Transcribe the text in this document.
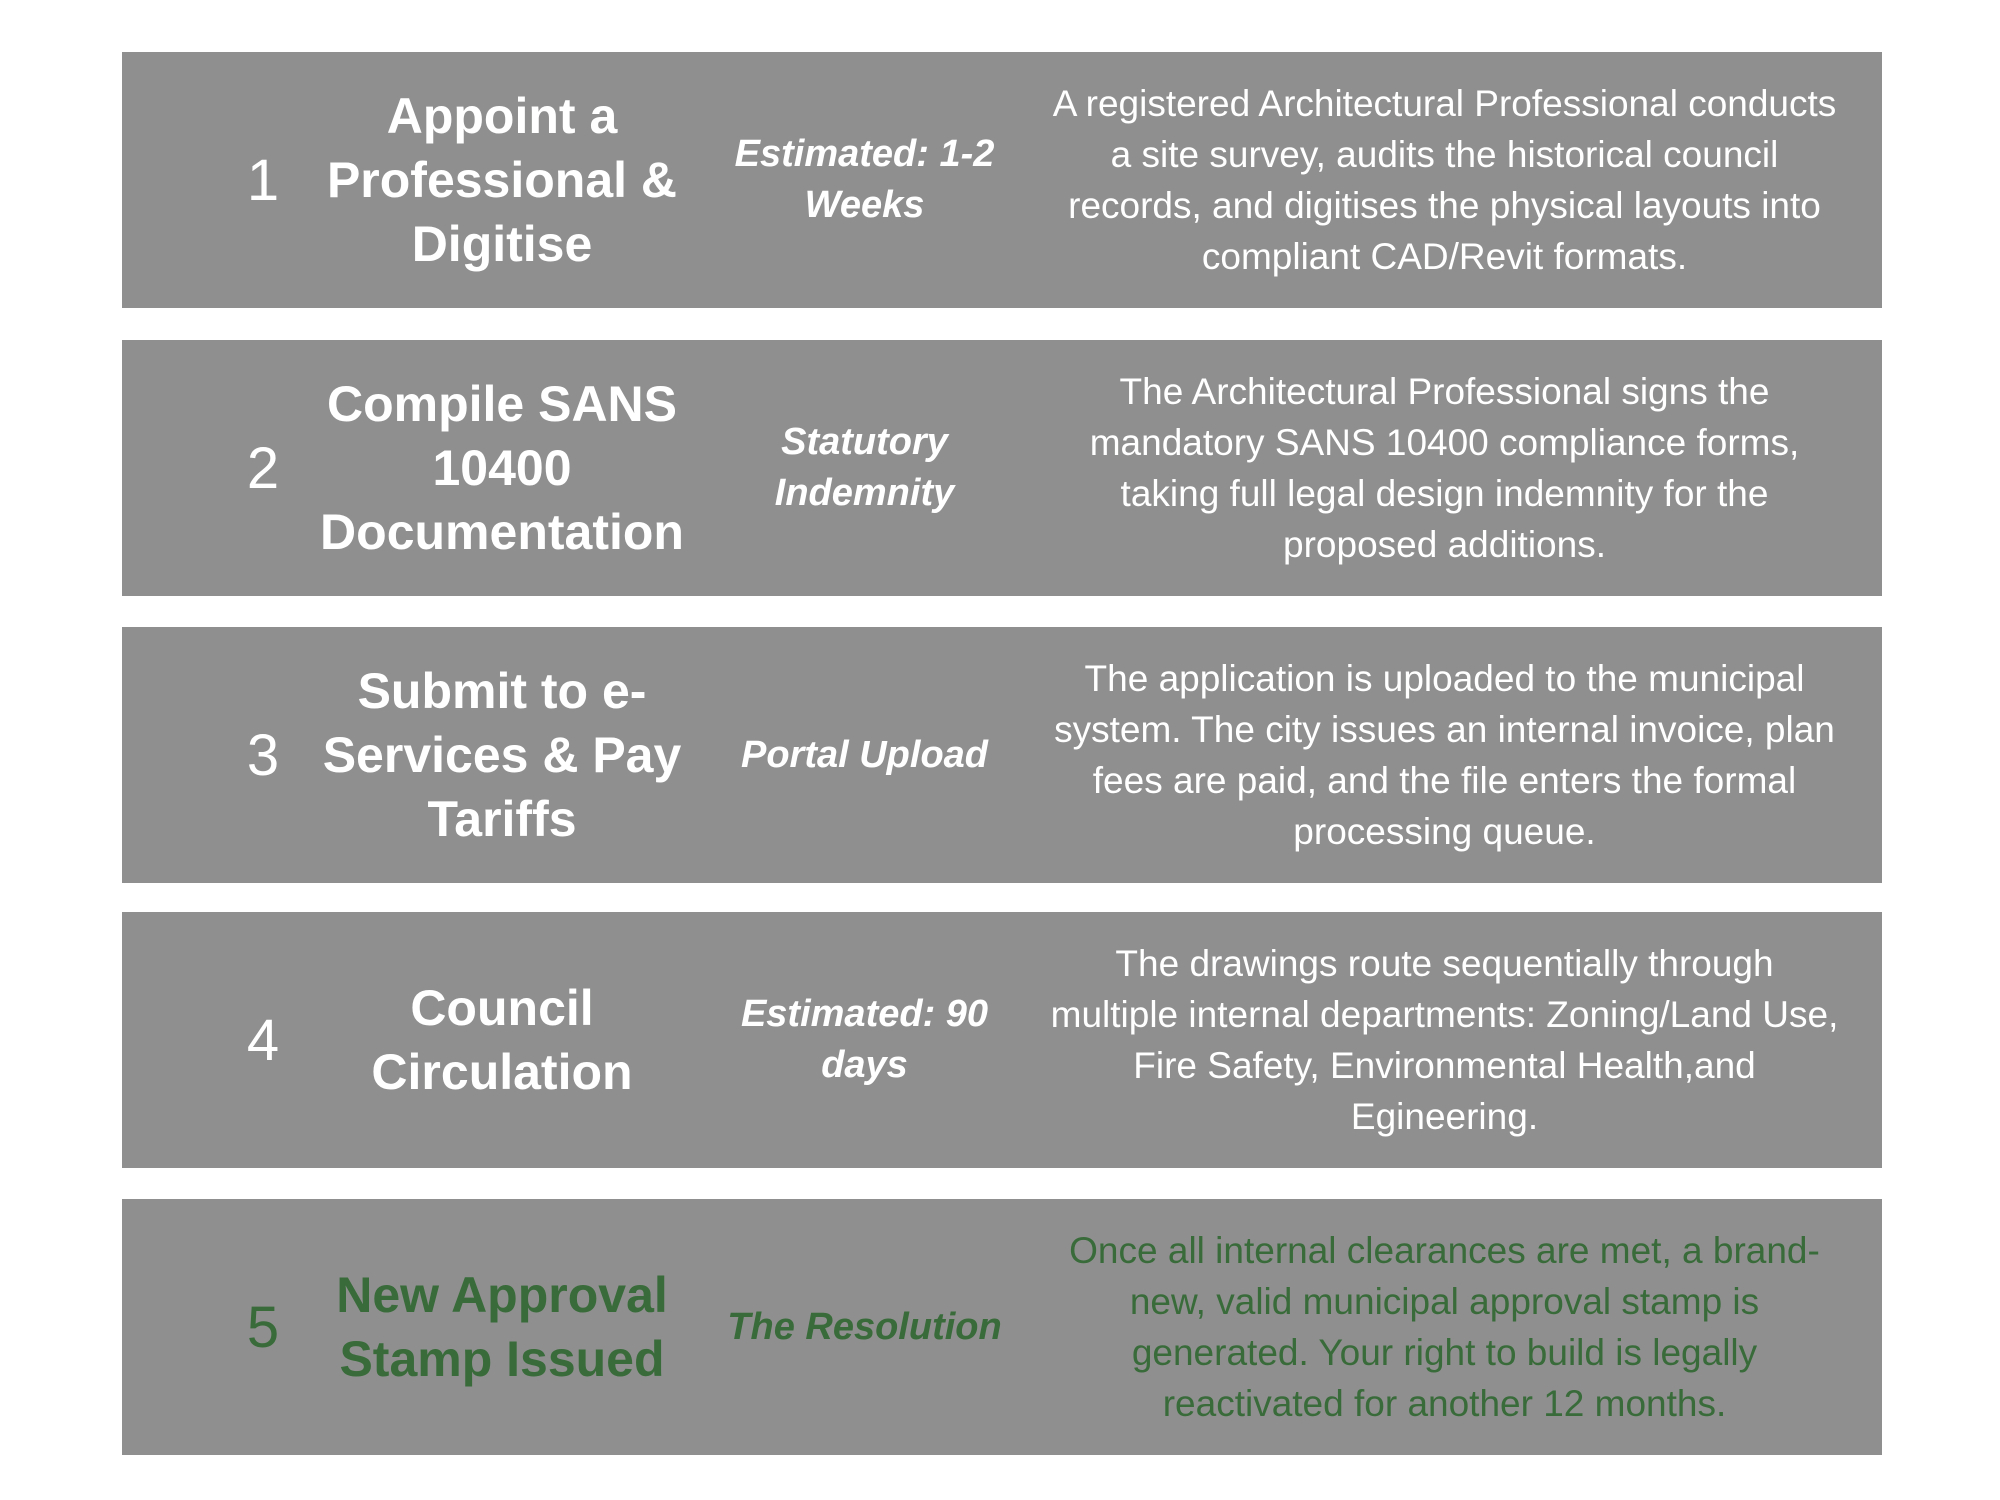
1
Appoint a Professional & Digitise
Estimated: 1-2 Weeks
A registered Architectural Professional conducts a site survey, audits the historical council records, and digitises the physical layouts into compliant CAD/Revit formats.
2
Compile SANS 10400 Documentation
Statutory Indemnity
The Architectural Professional signs the mandatory SANS 10400 compliance forms, taking full legal design indemnity for the proposed additions.
3
Submit to e-Services & Pay Tariffs
Portal Upload
The application is uploaded to the municipal system. The city issues an internal invoice, plan fees are paid, and the file enters the formal processing queue.
4	Council Circulation
Estimated: 90 days
The drawings route sequentially through multiple internal departments: Zoning/Land Use, Fire Safety, Environmental Health,and Egineering.
5	New Approval Stamp Issued
The Resolution
Once all internal clearances are met, a brand-new, valid municipal approval stamp is generated. Your right to build is legally reactivated for another 12 months.
